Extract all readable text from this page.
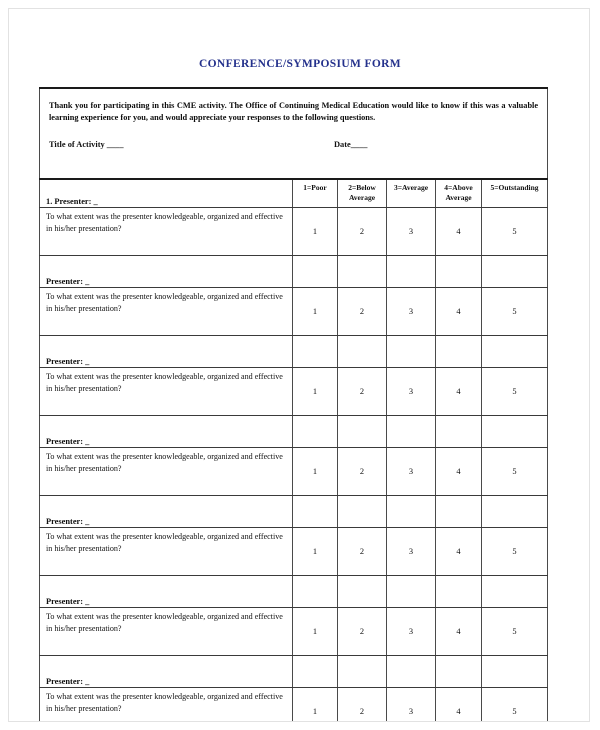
CONFERENCE/SYMPOSIUM FORM
Thank you for participating in this CME activity. The Office of Continuing Medical Education would like to know if this was a valuable learning experience for you, and would appreciate your responses to the following questions.
Title of Activity ____ Date____					

1. Presenter: _	1=Poor	2=Below Average	3=Average	4=Above Average	5=Outstanding

To what extent was the presenter knowledgeable, organized and effective in his/her presentation?	1	2	3	4	5
Presenter: _					

To what extent was the presenter knowledgeable, organized and effective in his/her presentation?	1	2	3	4	5
Presenter: _					

To what extent was the presenter knowledgeable, organized and effective in his/her presentation?	1	2	3	4	5
Presenter: _					

To what extent was the presenter knowledgeable, organized and effective in his/her presentation?	1	2	3	4	5
Presenter: _					

To what extent was the presenter knowledgeable, organized and effective in his/her presentation?	1	2	3	4	5
Presenter: _					

To what extent was the presenter knowledgeable, organized and effective in his/her presentation?	1	2	3	4	5
Presenter: _					

To what extent was the presenter knowledgeable, organized and effective in his/her presentation?	1	2	3	4	5
